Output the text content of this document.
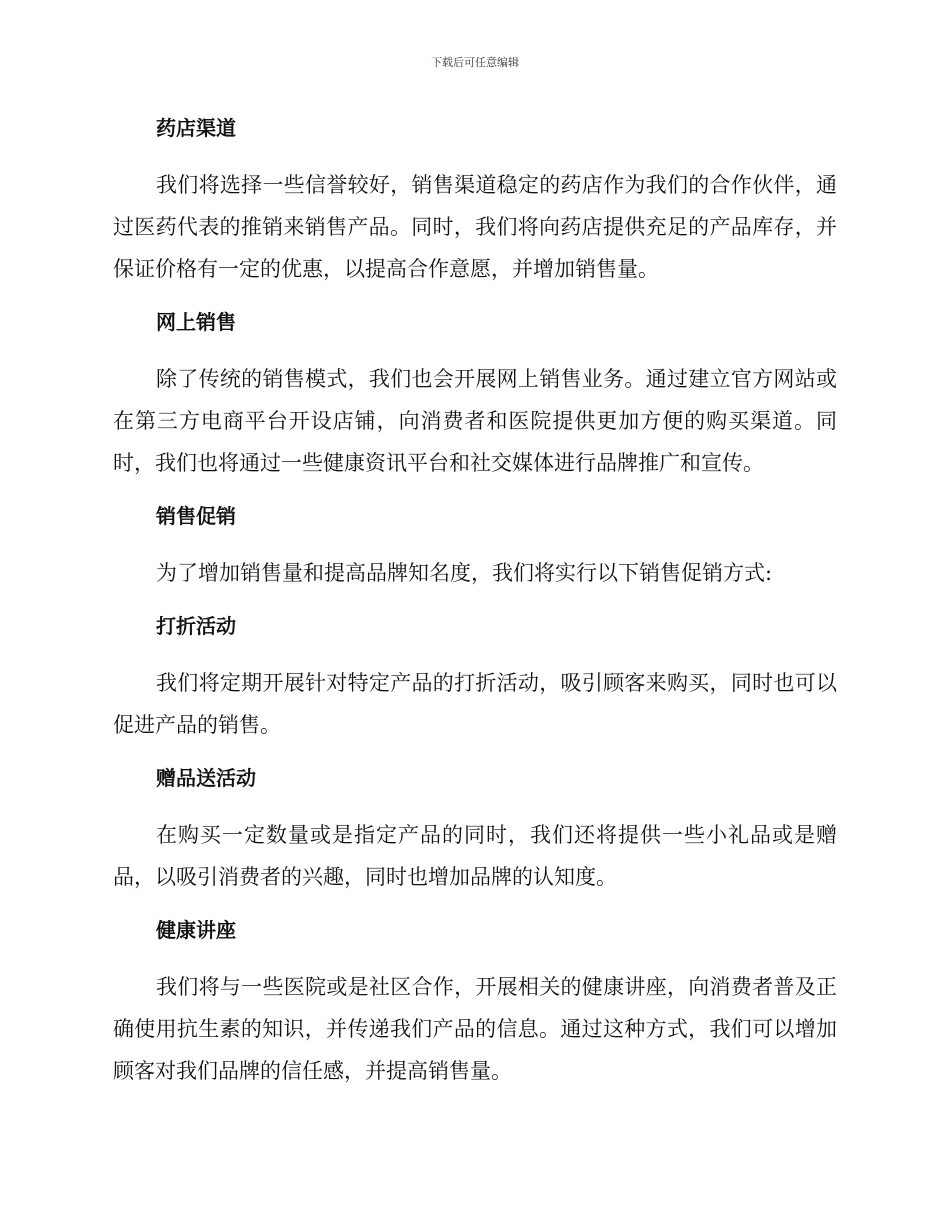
下载后可任意编辑
药店渠道

我们将选择一些信誉较好，销售渠道稳定的药店作为我们的合作伙伴，通过医药代表的推销来销售产品。同时，我们将向药店提供充足的产品库存，并保证价格有一定的优惠，以提高合作意愿，并增加销售量。

网上销售

除了传统的销售模式，我们也会开展网上销售业务。通过建立官方网站或在第三方电商平台开设店铺，向消费者和医院提供更加方便的购买渠道。同时，我们也将通过一些健康资讯平台和社交媒体进行品牌推广和宣传。

销售促销

为了增加销售量和提高品牌知名度，我们将实行以下销售促销方式:

打折活动

我们将定期开展针对特定产品的打折活动，吸引顾客来购买，同时也可以促进产品的销售。

赠品送活动

在购买一定数量或是指定产品的同时，我们还将提供一些小礼品或是赠品，以吸引消费者的兴趣，同时也增加品牌的认知度。

健康讲座

我们将与一些医院或是社区合作，开展相关的健康讲座，向消费者普及正确使用抗生素的知识，并传递我们产品的信息。通过这种方式，我们可以增加顾客对我们品牌的信任感，并提高销售量。
